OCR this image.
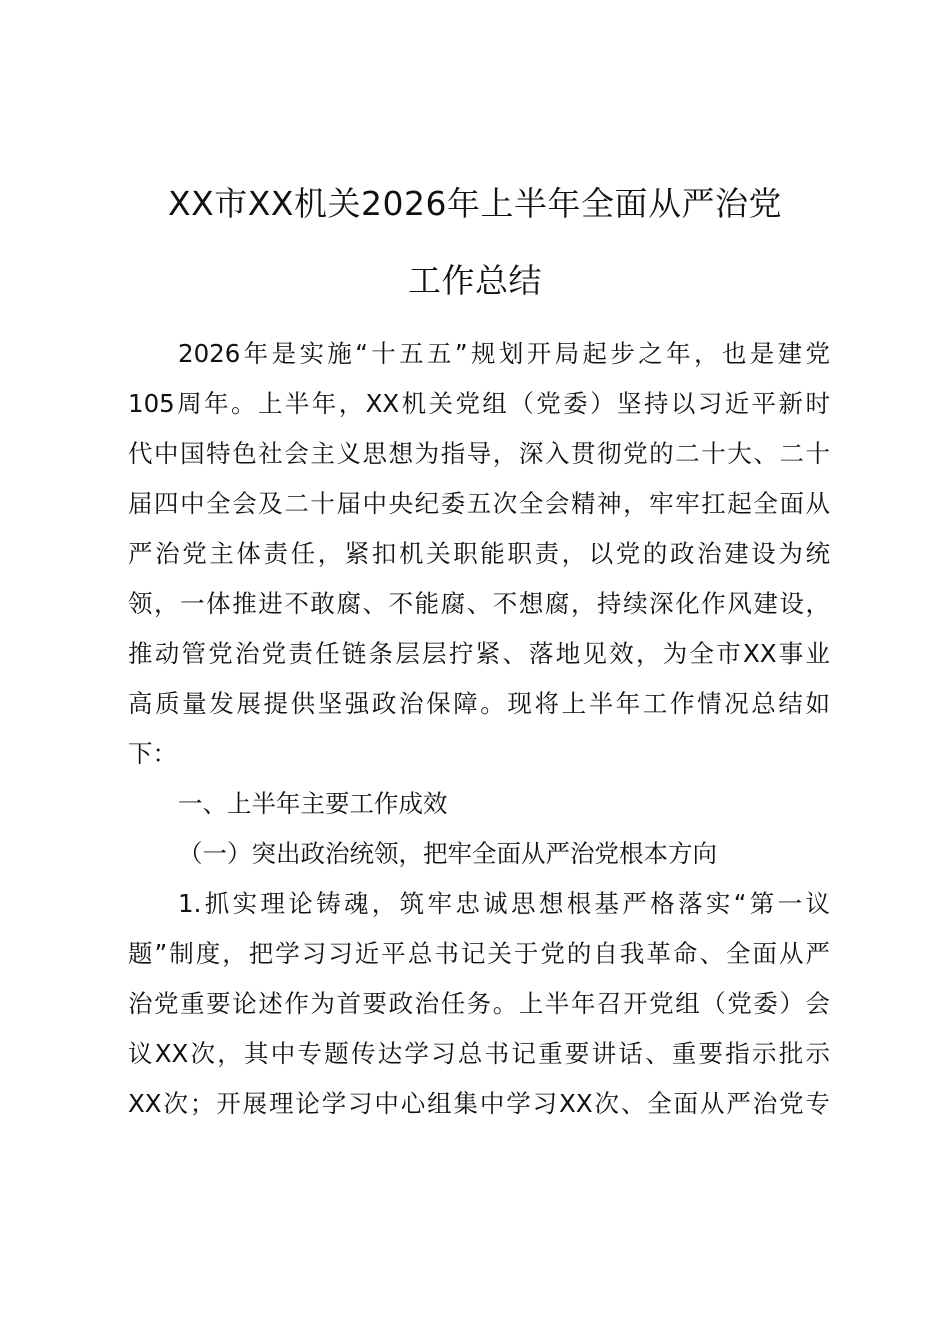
XX市XX机关2026年上半年全面从严治党
工作总结

2026年是实施“十五五”规划开局起步之年，也是建党

105周年。上半年，XX机关党组（党委）坚持以习近平新时

代中国特色社会主义思想为指导，深入贯彻党的二十大、二十

届四中全会及二十届中央纪委五次全会精神，牢牢扛起全面从

严治党主体责任，紧扣机关职能职责，以党的政治建设为统

领，一体推进不敢腐、不能腐、不想腐，持续深化作风建设，

推动管党治党责任链条层层拧紧、落地见效，为全市XX事业

高质量发展提供坚强政治保障。现将上半年工作情况总结如

下：

一、上半年主要工作成效

（一）突出政治统领，把牢全面从严治党根本方向

1.抓实理论铸魂，筑牢忠诚思想根基严格落实“第一议

题”制度，把学习习近平总书记关于党的自我革命、全面从严

治党重要论述作为首要政治任务。上半年召开党组（党委）会

议XX次，其中专题传达学习总书记重要讲话、重要指示批示

XX次；开展理论学习中心组集中学习XX次、全面从严治党专
